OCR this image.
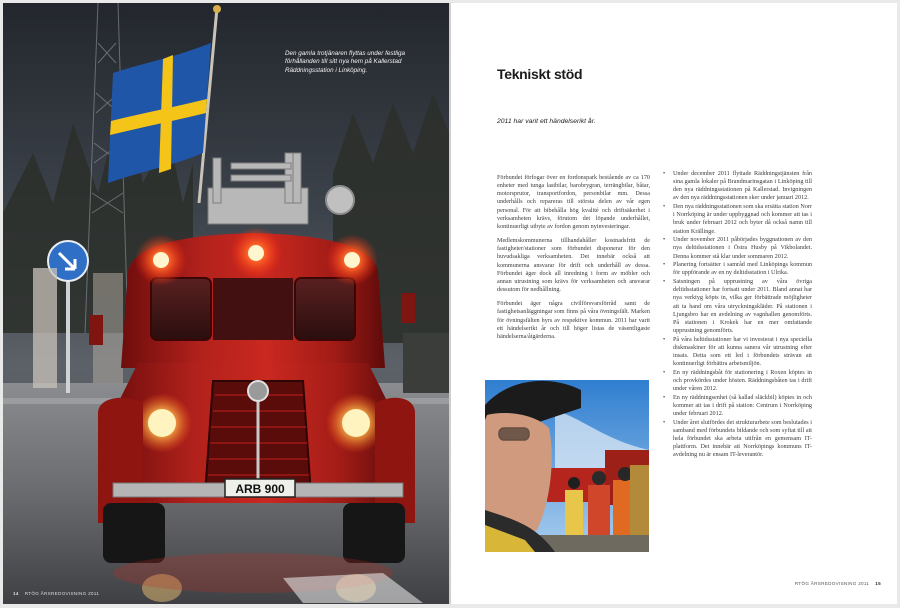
ARB 900
Den gamla trotjänaren flyttas under festliga förhållanden till sitt nya hem på Kallerstad Räddningsstation i Linköping.
14 RTÖG ÅRSREDOVISNING 2011
Tekniskt stöd
2011 har varit ett händelserikt år.

Förbundet förfogar över en fordonspark bestående av ca 170 enheter med tunga lastbilar, barobrygran, terrängbilar, båtar, motorsprutor, transportfordon, personbilar mm. Dessa underhålls och repareras till största delen av vår egen personal. För att bibehålla hög kvalité och driftsäkerhet i verksamheten krävs, förutom det löpande underhållet, kontinuerligt utbyte av fordon genom nyinvesteringar.

Medlemskommunerna tillhandahåller kostnadsfritt de fastigheter/stationer som förbundet disponerar för den huvudsakliga verksamheten. Det innebär också att kommunerna ansvarar för drift och underhåll av dessa. Förbundet äger dock all inredning i form av möbler och annan utrustning som krävs för verksamheten och ansvarar dessutom för nedhållning.

Förbundet äger några civilförsvarsförråd samt de fastighetsanläggningar som finns på våra övningsfält. Marken för övningsfälten hyrs av respektive kommun. 2011 har varit ett händelserikt år och till höger listas de väsentligaste händelserna/åtgärderna.

• Under december 2011 flyttade Räddningstjänsten från sina gamla lokaler på Brandmarinsgatan i Linköping till den nya räddningsstationen på Kallerstad. Invigningen av den nya räddningsstationen sker under januari 2012.
• Den nya räddningsstationen som ska ersätta station Norr i Norrköping är under uppbyggnad och kommer att tas i bruk under februari 2012 och byter då också namn till station Krällinge.
• Under november 2011 påbörjades byggnationen av den nya deltidsstationen i Östra Husby på Vikbolandet. Denna kommer stå klar under sommaren 2012.
• Planering fortsätter i samråd med Linköpings kommun för uppförande av en ny deltidsstation i Ulrika.
• Satsningen på upprustning av våra övriga deltidsstationer har fortsatt under 2011. Bland annat har nya verktyg köpts in, vilka ger förbättrade möjligheter att ta hand om våra utryckningskläder. På stationen i Ljungsbro har en avdelning av vagnhallen genomförts. På stationen i Krokek har en mer omfattande upprustning genomförts.
• På våra heltidsstationer har vi investerat i nya speciella diskmaskiner för att kunna sanera vår utrustning efter insats. Detta som ett led i förbundets strävan att kontinuerligt förbättra arbetsmiljön.
• En ny räddningsbåt för stationering i Roxen köptes in och provkördes under hösten. Räddningsbåten tas i drift under våren 2012.
• En ny räddningsenhet (så kallad släckbil) köptes in och kommer att tas i drift på station: Centrum i Norrköping under februari 2012.
• Under året slutfördes det strukturarbete som beslutades i samband med förbundets bildande och som syftat till att hela förbundet ska arbeta utifrån en gemensam IT-plattform. Det innebär att Norrköpings kommuns IT-avdelning nu är ensam IT-leverantör.
RTÖG ÅRSREDOVISNING 2011 15
